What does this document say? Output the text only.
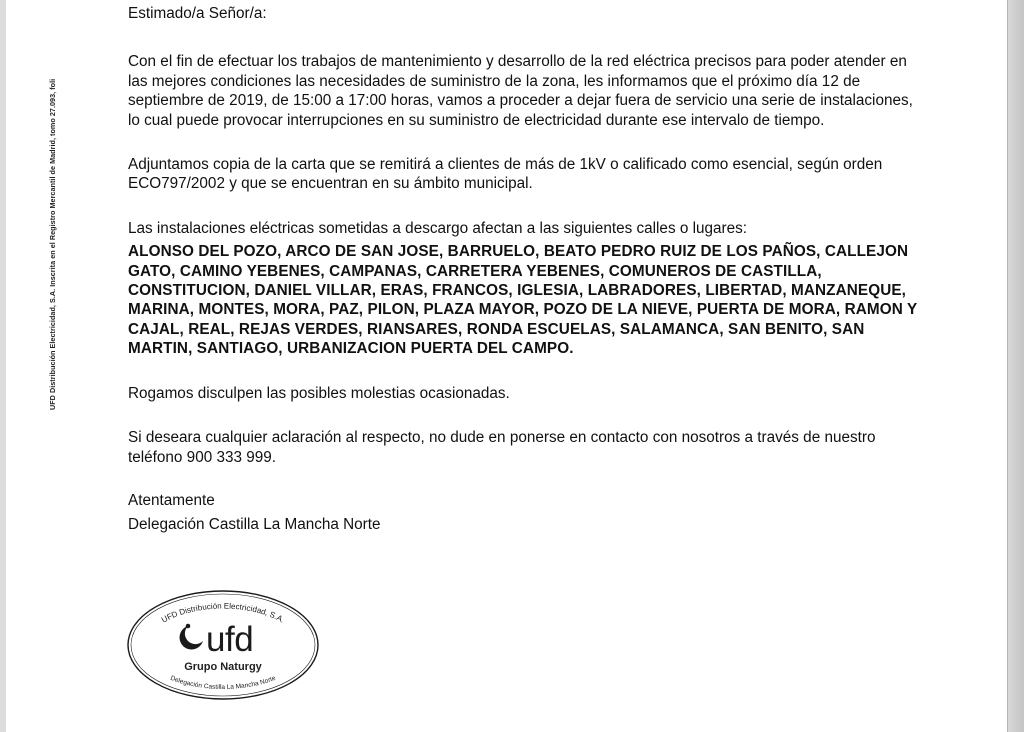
UFD Distribución Electricidad, S.A. Inscrita en el Registro Mercantil de Madrid, tomo 27.093, foli

Estimado/a Señor/a:

Con el fin de efectuar los trabajos de mantenimiento y desarrollo de la red eléctrica precisos para poder atender en las mejores condiciones las necesidades de suministro de la zona, les informamos que el próximo día 12 de septiembre de 2019, de 15:00 a 17:00 horas, vamos a proceder a dejar fuera de servicio una serie de instalaciones, lo cual puede provocar interrupciones en su suministro de electricidad durante ese intervalo de tiempo.

Adjuntamos copia de la carta que se remitirá a clientes de más de 1kV o calificado como esencial, según orden ECO797/2002 y que se encuentran en su ámbito municipal.

Las instalaciones eléctricas sometidas a descargo afectan a las siguientes calles o lugares:

ALONSO DEL POZO, ARCO DE SAN JOSE, BARRUELO, BEATO PEDRO RUIZ DE LOS PAÑOS, CALLEJON GATO, CAMINO YEBENES, CAMPANAS, CARRETERA YEBENES, COMUNEROS DE CASTILLA, CONSTITUCION, DANIEL VILLAR, ERAS, FRANCOS, IGLESIA, LABRADORES, LIBERTAD, MANZANEQUE, MARINA, MONTES, MORA, PAZ, PILON, PLAZA MAYOR, POZO DE LA NIEVE, PUERTA DE MORA, RAMON Y CAJAL, REAL, REJAS VERDES, RIANSARES, RONDA ESCUELAS, SALAMANCA, SAN BENITO, SAN MARTIN, SANTIAGO, URBANIZACION PUERTA DEL CAMPO.

Rogamos disculpen las posibles molestias ocasionadas.

Si deseara cualquier aclaración al respecto, no dude en ponerse en contacto con nosotros a través de nuestro teléfono 900 333 999.

Atentamente

Delegación Castilla La Mancha Norte

UFD Distribución Electricidad, S.A.
Delegación Castilla La Mancha Norte
ufd
Grupo Naturgy
